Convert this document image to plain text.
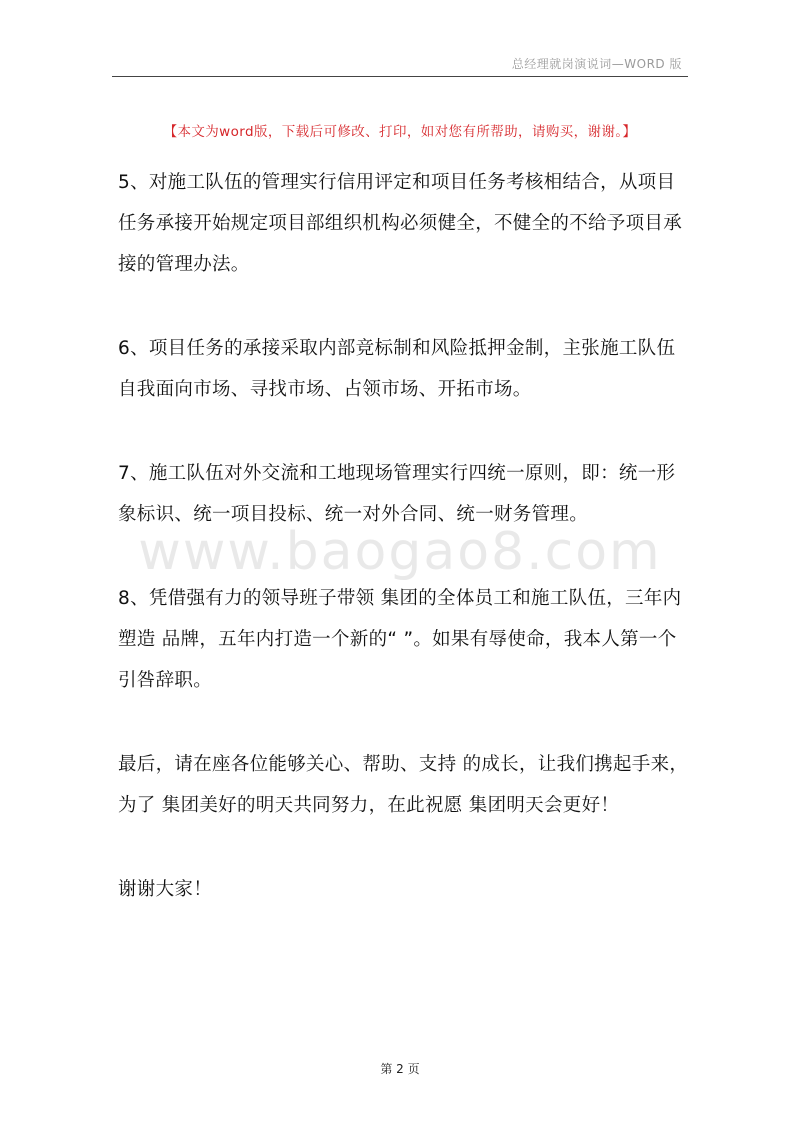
总经理就岗演说词—WORD 版
【本文为word版，下载后可修改、打印，如对您有所帮助，请购买，谢谢。】
www.baogao8.com

5、对施工队伍的管理实行信用评定和项目任务考核相结合，从项目
任务承接开始规定项目部组织机构必须健全，不健全的不给予项目承
接的管理办法。

6、项目任务的承接采取内部竞标制和风险抵押金制，主张施工队伍
自我面向市场、寻找市场、占领市场、开拓市场。

7、施工队伍对外交流和工地现场管理实行四统一原则，即：统一形
象标识、统一项目投标、统一对外合同、统一财务管理。

8、凭借强有力的领导班子带领 集团的全体员工和施工队伍，三年内
塑造 品牌，五年内打造一个新的“ ”。如果有辱使命，我本人第一个
引咎辞职。

最后，请在座各位能够关心、帮助、支持 的成长，让我们携起手来，
为了 集团美好的明天共同努力，在此祝愿 集团明天会更好！

谢谢大家！

第 2 页
